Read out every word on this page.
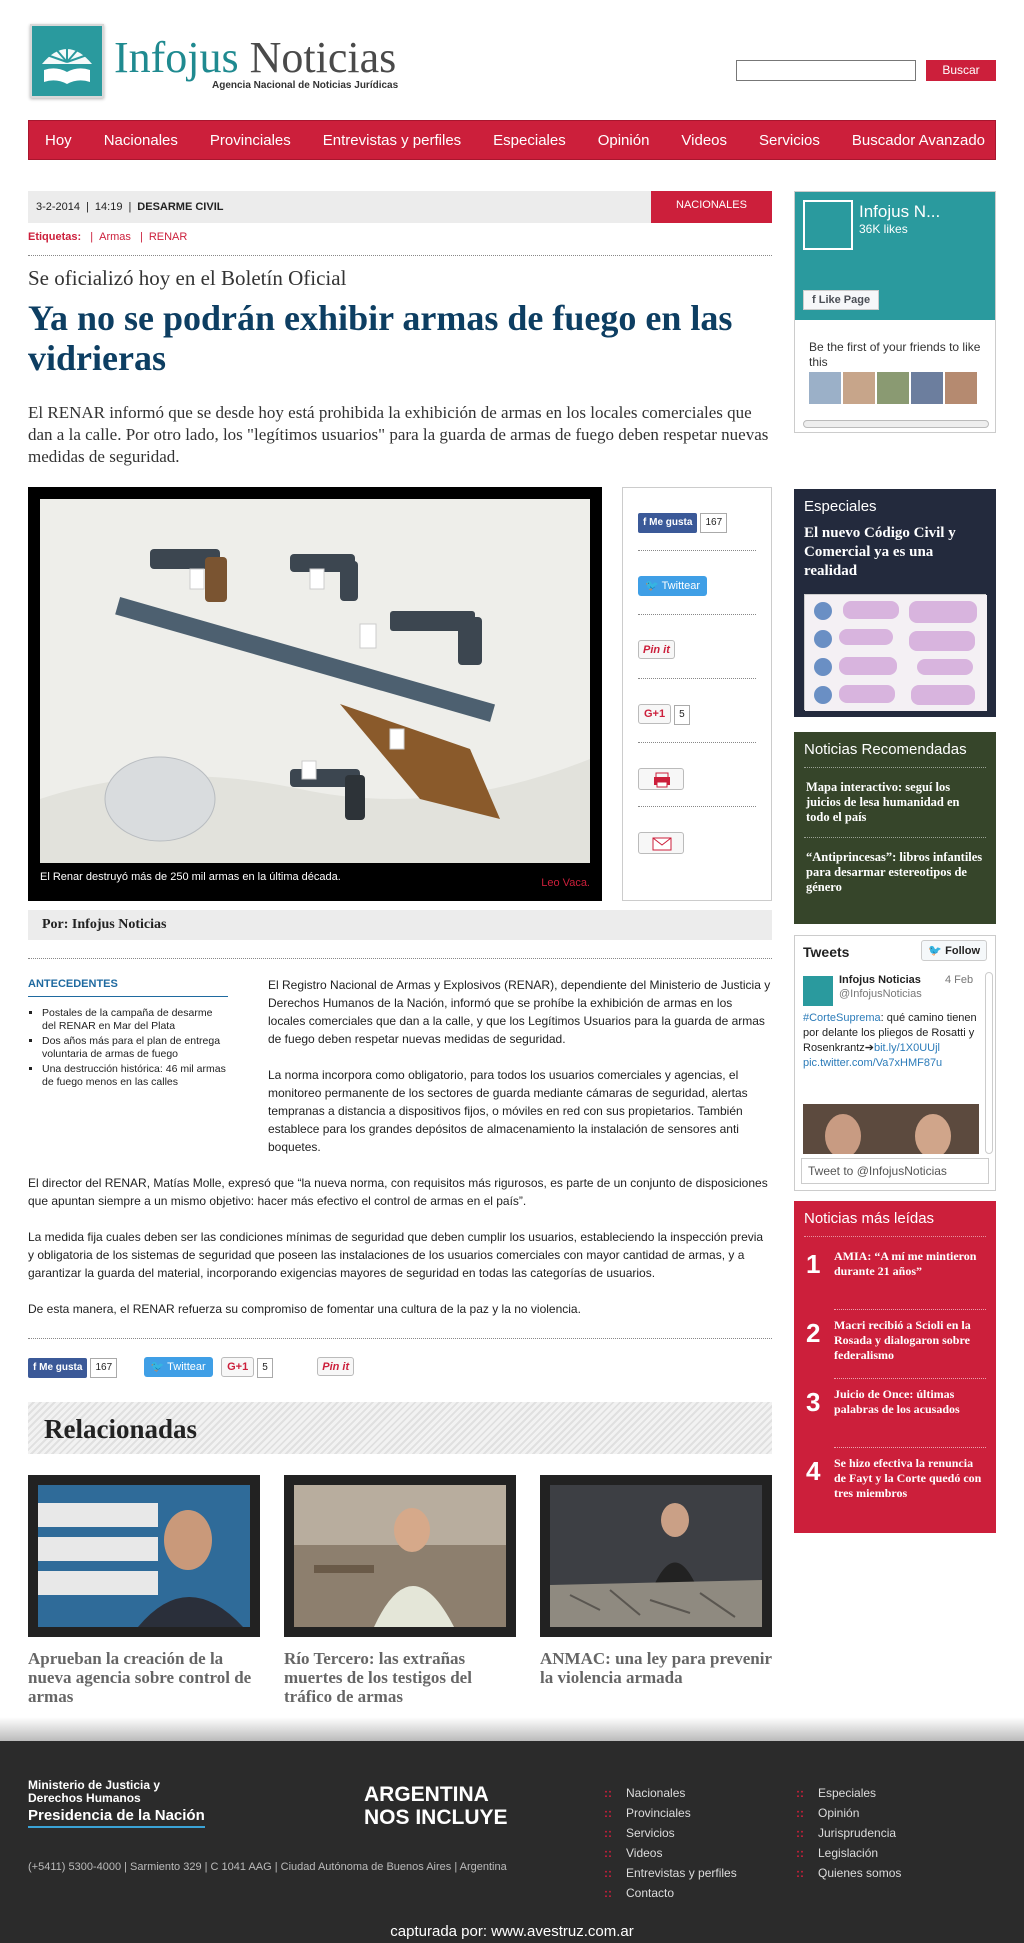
Infojus Noticias
Agencia Nacional de Noticias Jurídicas
Buscar
Hoy	Nacionales	Provinciales	Entrevistas y perfiles	Especiales	Opinión	Videos	Servicios	Buscador Avanzado
3-2-2014 | 14:19 | DESARME CIVIL	NACIONALES
Etiquetas: | Armas | RENAR
Se oficializó hoy en el Boletín Oficial
Ya no se podrán exhibir armas de fuego en las vidrieras
El RENAR informó que se desde hoy está prohibida la exhibición de armas en los locales comerciales que dan a la calle. Por otro lado, los "legítimos usuarios" para la guarda de armas de fuego deben respetar nuevas medidas de seguridad.
El Renar destruyó más de 250 mil armas en la última década.	Leo Vaca.
f Me gusta 167
🐦 Twittear
Pin it
G+1 5
Por: Infojus Noticias

El Registro Nacional de Armas y Explosivos (RENAR), dependiente del Ministerio de Justicia y Derechos Humanos de la Nación, informó que se prohíbe la exhibición de armas en los locales comerciales que dan a la calle, y que los Legítimos Usuarios para la guarda de armas de fuego deben respetar nuevas medidas de seguridad.

La norma incorpora como obligatorio, para todos los usuarios comerciales y agencias, el monitoreo permanente de los sectores de guarda mediante cámaras de seguridad, alertas tempranas a distancia a dispositivos fijos, o móviles en red con sus propietarios. También establece para los grandes depósitos de almacenamiento la instalación de sensores anti boquetes.

El director del RENAR, Matías Molle, expresó que “la nueva norma, con requisitos más rigurosos, es parte de un conjunto de disposiciones que apuntan siempre a un mismo objetivo: hacer más efectivo el control de armas en el país”.

La medida fija cuales deben ser las condiciones mínimas de seguridad que deben cumplir los usuarios, estableciendo la inspección previa y obligatoria de los sistemas de seguridad que poseen las instalaciones de los usuarios comerciales con mayor cantidad de armas, y a garantizar la guarda del material, incorporando exigencias mayores de seguridad en todas las categorías de usuarios.

De esta manera, el RENAR refuerza su compromiso de fomentar una cultura de la paz y la no violencia.

ANTECEDENTES
▪ Postales de la campaña de desarme del RENAR en Mar del Plata
▪ Dos años más para el plan de entrega voluntaria de armas de fuego
▪ Una destrucción histórica: 46 mil armas de fuego menos en las calles
f Me gusta 167	🐦 Twittear G+1 5	Pin it
Relacionadas
Aprueban la creación de la nueva agencia sobre control de armas
Río Tercero: las extrañas muertes de los testigos del tráfico de armas
ANMAC: una ley para prevenir la violencia armada
Infojus N...
36K likes
f Like Page
Be the first of your friends to like this
Especiales
El nuevo Código Civil y Comercial ya es una realidad
Noticias Recomendadas
Mapa interactivo: seguí los juicios de lesa humanidad en todo el país
“Antiprincesas”: libros infantiles para desarmar estereotipos de género
Tweets	🐦 Follow
Infojus Noticias
@InfojusNoticias
4 Feb
#CorteSuprema: qué camino tienen por delante los pliegos de Rosatti y Rosenkrantz➔bit.ly/1X0UUjl pic.twitter.com/Va7xHMF87u
Tweet to @InfojusNoticias
Noticias más leídas
1 AMIA: “A mí me mintieron durante 21 años”
2 Macri recibió a Scioli en la Rosada y dialogaron sobre federalismo
3 Juicio de Once: últimas palabras de los acusados
4 Se hizo efectiva la renuncia de Fayt y la Corte quedó con tres miembros
Ministerio de Justicia y Derechos Humanos
Presidencia de la Nación
ARGENTINA
NOS INCLUYE
(+5411) 5300-4000 | Sarmiento 329 | C 1041 AAG | Ciudad Autónoma de Buenos Aires | Argentina
:: Nacionales
:: Provinciales
:: Servicios
:: Videos
:: Entrevistas y perfiles
:: Contacto
:: Especiales
:: Opinión
:: Jurisprudencia
:: Legislación
:: Quienes somos
capturada por: www.avestruz.com.ar
